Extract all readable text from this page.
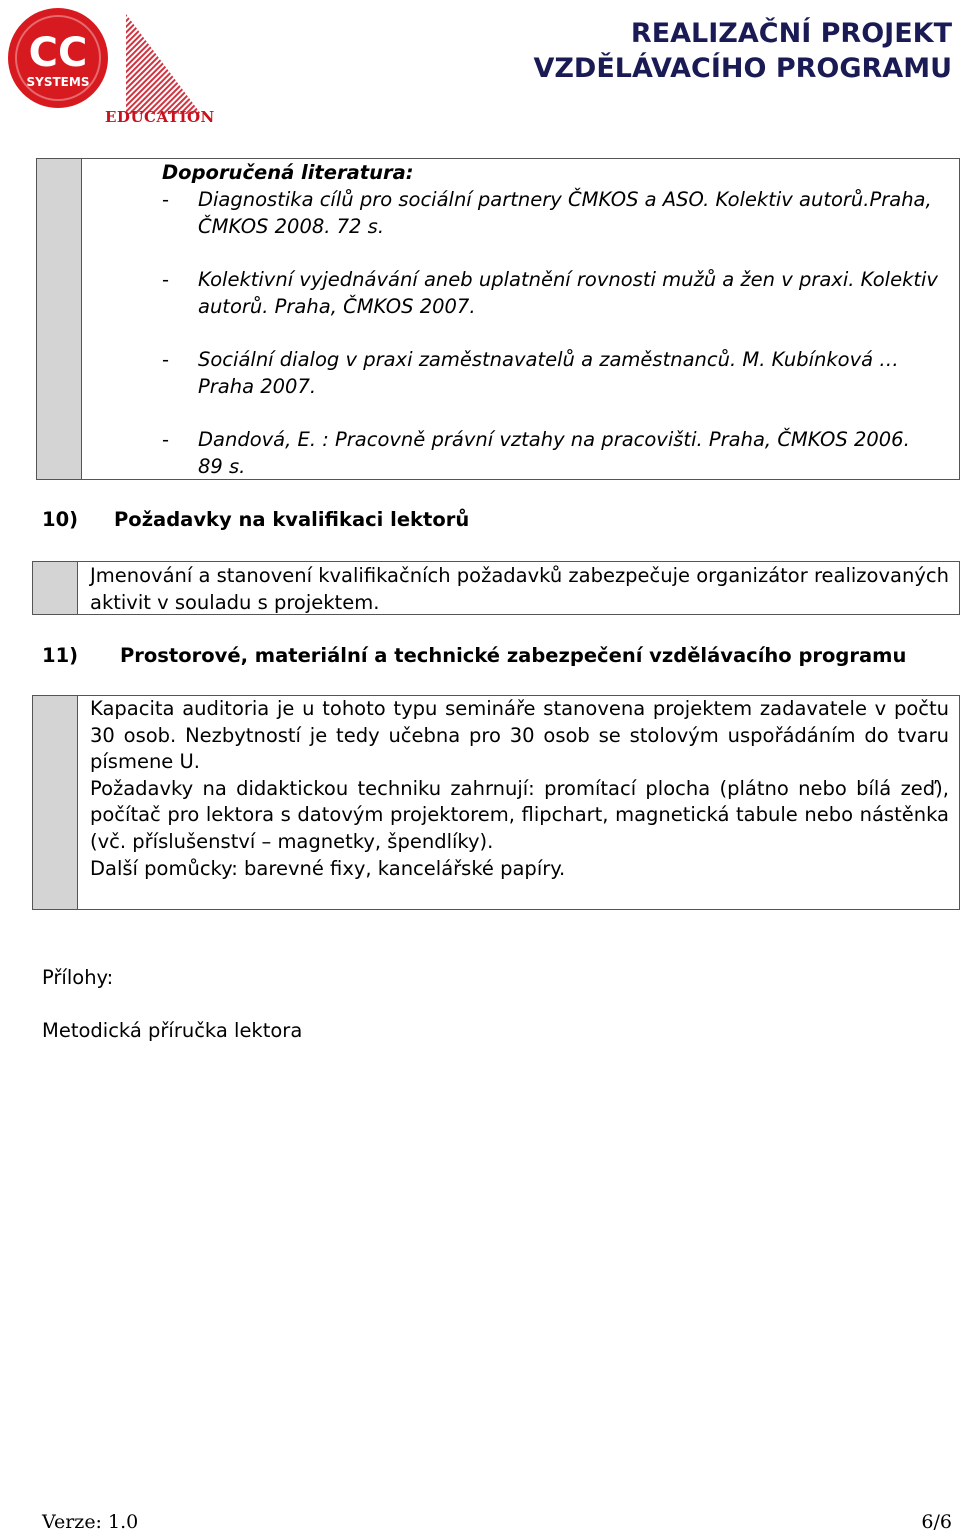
CC
SYSTEMS
EDUCATION
REALIZAČNÍ PROJEKT
VZDĚLÁVACÍHO PROGRAMU
Doporučená literatura:
-	Diagnostika cílů pro sociální partnery ČMKOS a ASO. Kolektiv autorů.Praha, ČMKOS 2008. 72 s.
-	Kolektivní vyjednávání aneb uplatnění rovnosti mužů a žen v praxi. Kolektiv autorů. Praha, ČMKOS 2007.
-	Sociální dialog v praxi zaměstnavatelů a zaměstnanců. M. Kubínková … Praha 2007.
-	Dandová, E. : Pracovně právní vztahy na pracovišti. Praha, ČMKOS 2006. 89 s.
10)	Požadavky na kvalifikaci lektorů
Jmenování a stanovení kvalifikačních požadavků zabezpečuje organizátor realizovaných aktivit v souladu s projektem.
11)	Prostorové, materiální a technické zabezpečení vzdělávacího programu

Kapacita auditoria je u tohoto typu semináře stanovena projektem zadavatele v počtu 30 osob. Nezbytností je tedy učebna pro 30 osob se stolovým uspořádáním do tvaru písmene U.

Požadavky na didaktickou techniku zahrnují: promítací plocha (plátno nebo bílá zeď), počítač pro lektora s datovým projektorem, flipchart, magnetická tabule nebo nástěnka (vč. příslušenství – magnetky, špendlíky).

Další pomůcky: barevné fixy, kancelářské papíry.

Přílohy:
Metodická příručka lektora
Verze: 1.0	6/6
